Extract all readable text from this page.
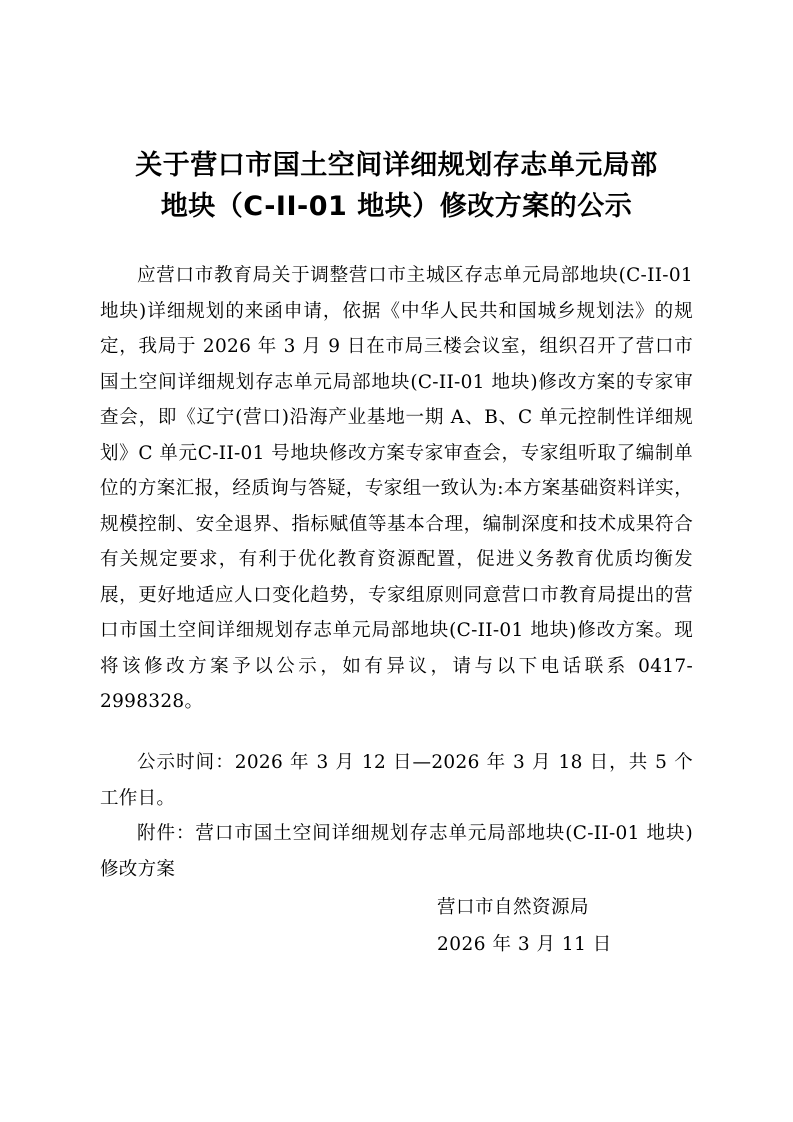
关于营口市国土空间详细规划存志单元局部
地块（C-II-01 地块）修改方案的公示

应营口市教育局关于调整营口市主城区存志单元局部地块(C-II-01 地块)详细规划的来函申请，依据《中华人民共和国城乡规划法》的规定，我局于 2026 年 3 月 9 日在市局三楼会议室，组织召开了营口市国土空间详细规划存志单元局部地块(C-II-01 地块)修改方案的专家审查会，即《辽宁(营口)沿海产业基地一期 A、B、C 单元控制性详细规划》C 单元C-II-01 号地块修改方案专家审查会，专家组听取了编制单位的方案汇报，经质询与答疑，专家组一致认为:本方案基础资料详实，规模控制、安全退界、指标赋值等基本合理，编制深度和技术成果符合有关规定要求，有利于优化教育资源配置，促进义务教育优质均衡发展，更好地适应人口变化趋势，专家组原则同意营口市教育局提出的营口市国土空间详细规划存志单元局部地块(C-II-01 地块)修改方案。现将该修改方案予以公示，如有异议，请与以下电话联系 0417-2998328。

公示时间：2026 年 3 月 12 日—2026 年 3 月 18 日，共 5 个工作日。

附件：营口市国土空间详细规划存志单元局部地块(C-II-01 地块)修改方案

营口市自然资源局

2026 年 3 月 11 日
